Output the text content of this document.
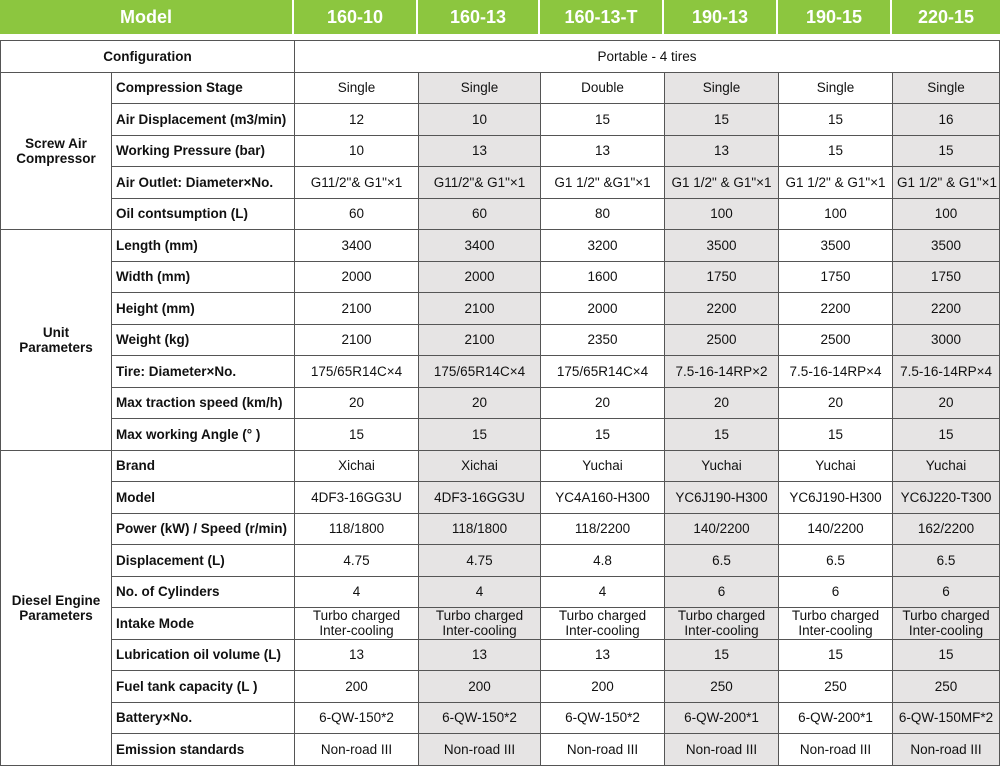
Model	160-10	160-13	160-13-T	190-13	190-15	220-15
Configuration		Portable - 4 tires					
Screw Air Compressor	Compression Stage	Single	Single	Double	Single	Single	Single
	Air Displacement (m3/min)	12	10	15	15	15	16
	Working Pressure (bar)	10	13	13	13	15	15
	Air Outlet: Diameter×No.	G11/2"& G1"×1	G11/2"& G1"×1	G1 1/2" &G1"×1	G1 1/2" & G1"×1	G1 1/2" & G1"×1	G1 1/2" & G1"×1
	Oil contsumption (L)	60	60	80	100	100	100
Unit Parameters	Length (mm)	3400	3400	3200	3500	3500	3500
	Width (mm)	2000	2000	1600	1750	1750	1750
	Height (mm)	2100	2100	2000	2200	2200	2200
	Weight (kg)	2100	2100	2350	2500	2500	3000
	Tire: Diameter×No.	175/65R14C×4	175/65R14C×4	175/65R14C×4	7.5-16-14RP×2	7.5-16-14RP×4	7.5-16-14RP×4
	Max traction speed (km/h)	20	20	20	20	20	20
	Max working Angle (° )	15	15	15	15	15	15
Diesel Engine Parameters	Brand	Xichai	Xichai	Yuchai	Yuchai	Yuchai	Yuchai
	Model	4DF3-16GG3U	4DF3-16GG3U	YC4A160-H300	YC6J190-H300	YC6J190-H300	YC6J220-T300
	Power (kW) / Speed (r/min)	118/1800	118/1800	118/2200	140/2200	140/2200	162/2200
	Displacement (L)	4.75	4.75	4.8	6.5	6.5	6.5
	No. of Cylinders	4	4	4	6	6	6
	Intake Mode	Turbo charged Inter-cooling	Turbo charged Inter-cooling	Turbo charged Inter-cooling	Turbo charged Inter-cooling	Turbo charged Inter-cooling	Turbo charged Inter-cooling
	Lubrication oil volume (L)	13	13	13	15	15	15
	Fuel tank capacity (L )	200	200	200	250	250	250
	Battery×No.	6-QW-150*2	6-QW-150*2	6-QW-150*2	6-QW-200*1	6-QW-200*1	6-QW-150MF*2
	Emission standards	Non-road III	Non-road III	Non-road III	Non-road III	Non-road III	Non-road III
